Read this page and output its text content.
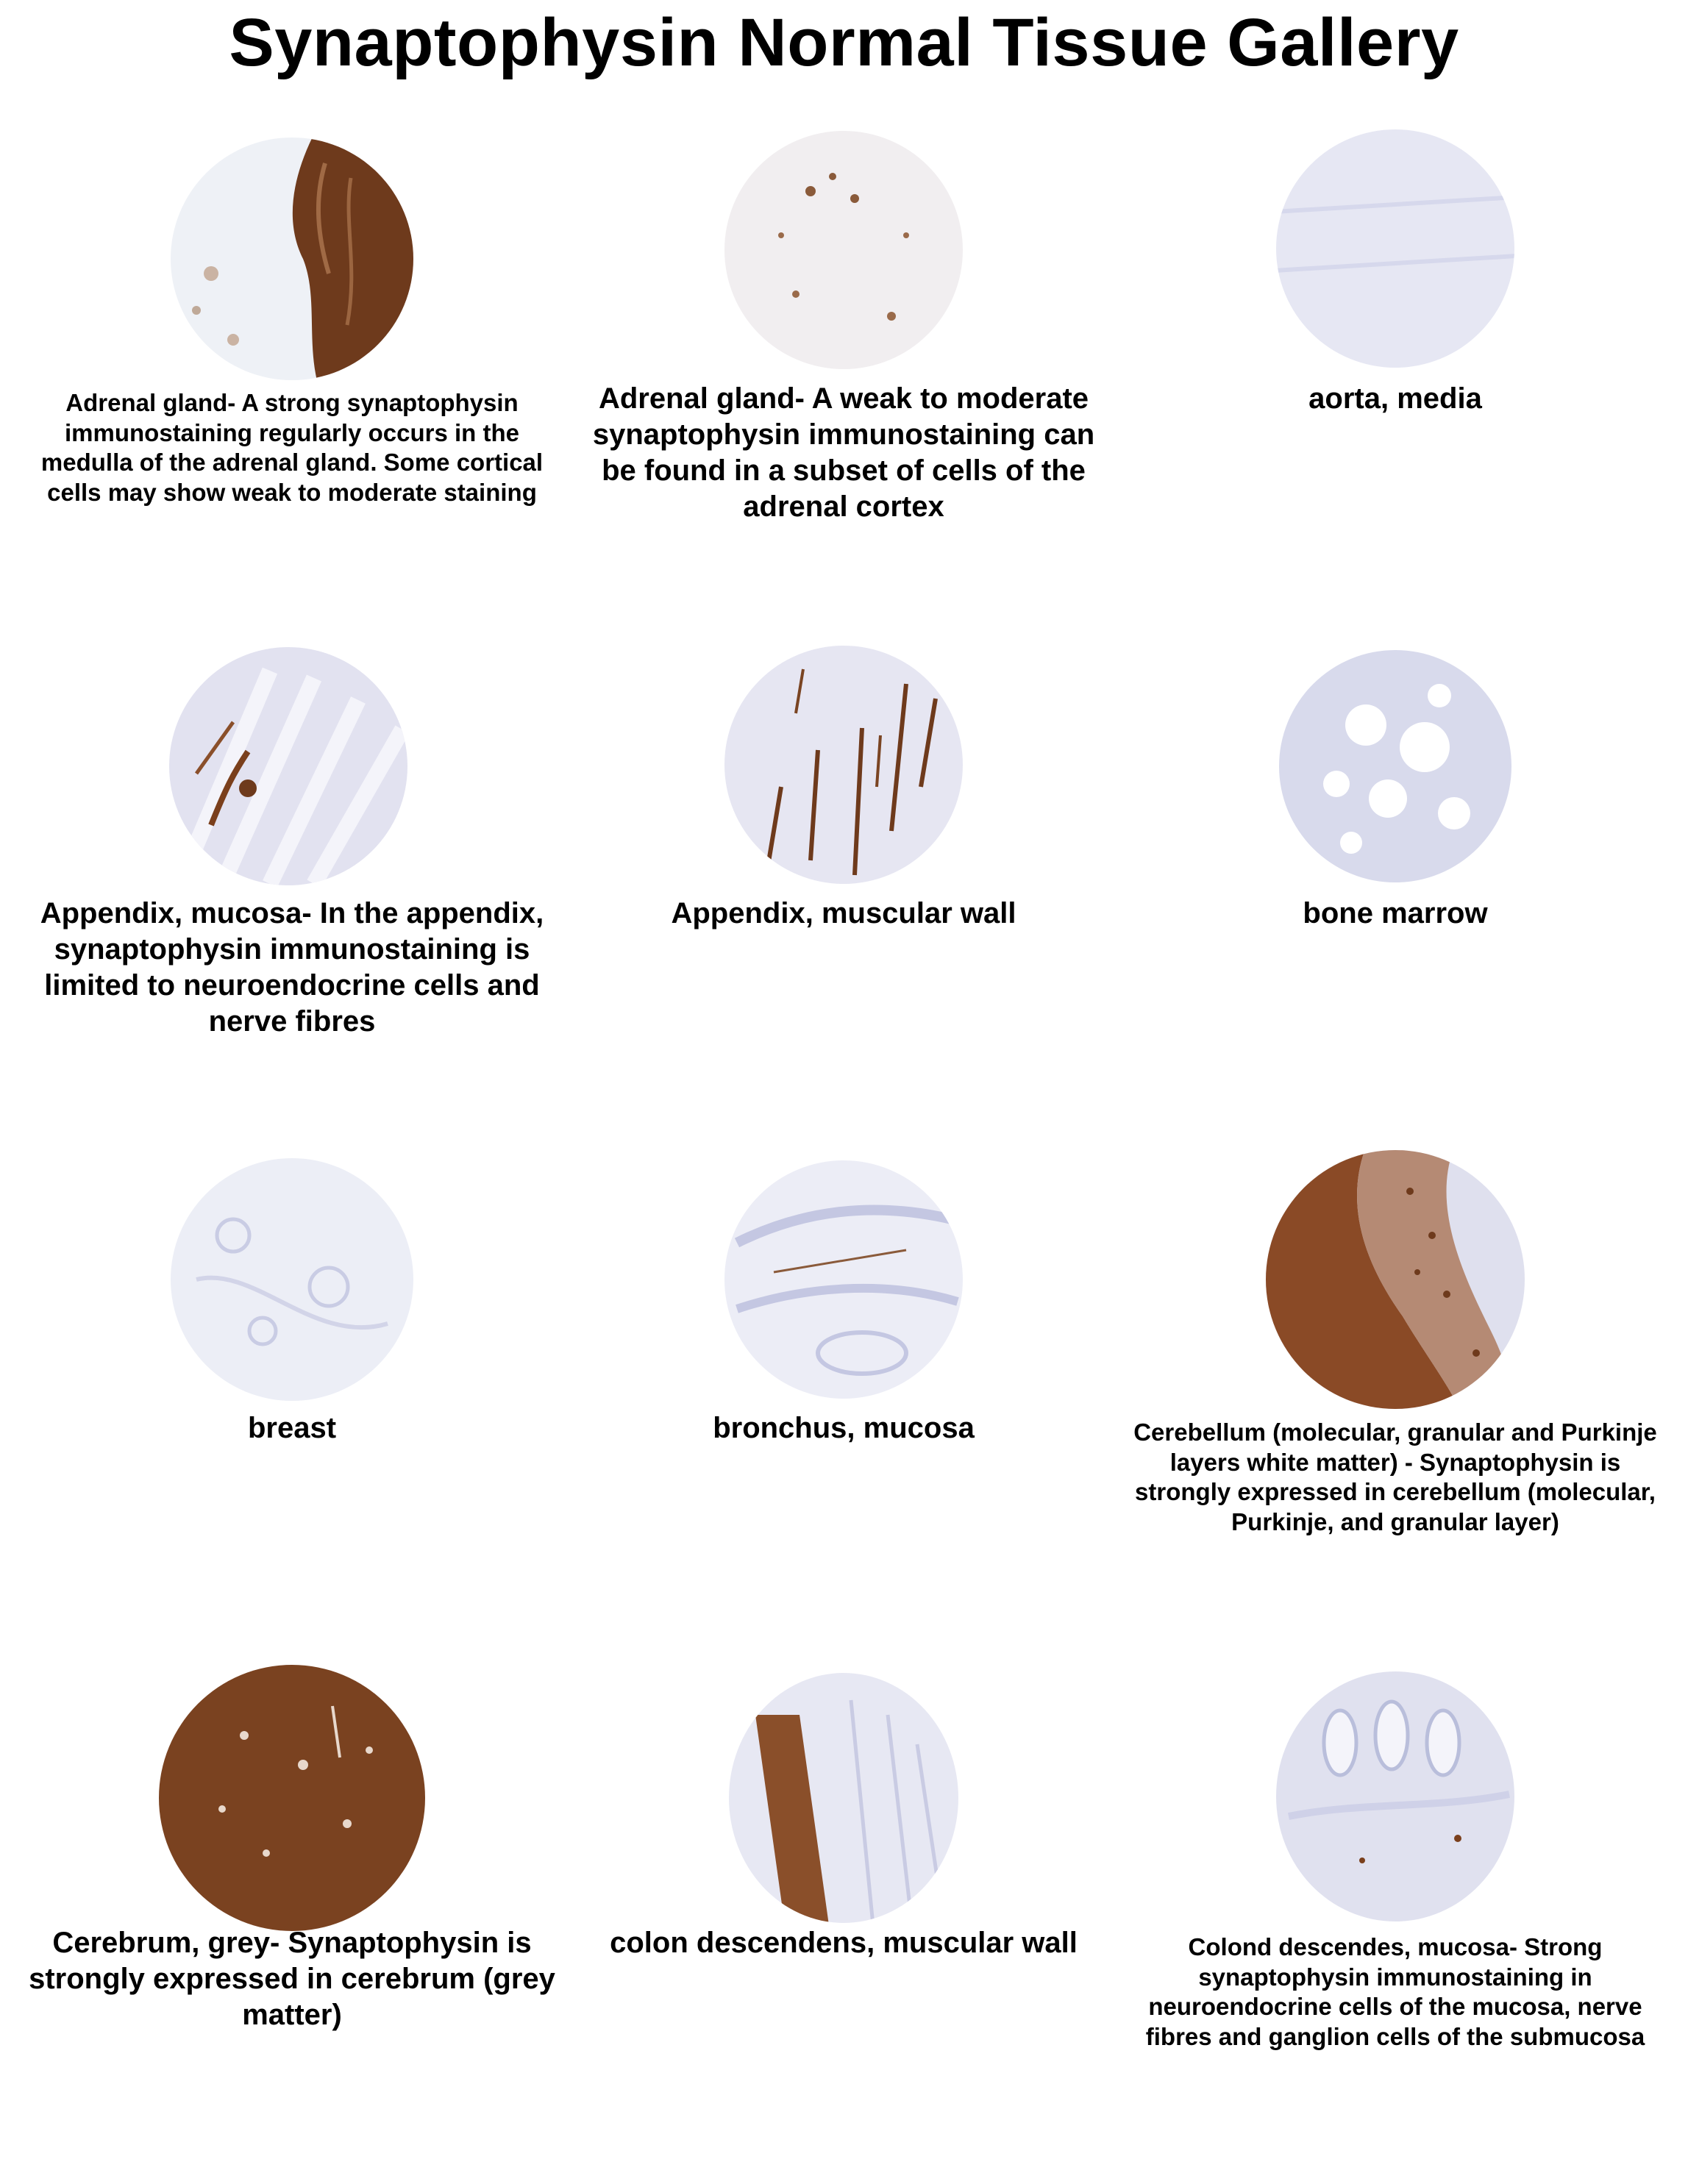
Synaptophysin Normal Tissue Gallery
Adrenal gland- A strong synaptophysin immunostaining regularly occurs in the medulla of the adrenal gland. Some cortical cells may show weak to moderate staining
Adrenal gland- A weak to moderate synaptophysin immunostaining can be found in a subset of cells of the adrenal cortex
aorta, media
Appendix, mucosa- In the appendix, synaptophysin immunostaining is limited to neuroendocrine cells and nerve fibres
Appendix, muscular wall	bone marrow
breast	bronchus, mucosa	Cerebellum (molecular, granular and Purkinje layers white matter) - Synaptophysin is strongly expressed in cerebellum (molecular, Purkinje, and granular layer)
Cerebrum, grey- Synaptophysin is strongly expressed in cerebrum (grey matter)
colon descendens, muscular wall	Colond descendes, mucosa- Strong synaptophysin immunostaining in neuroendocrine cells of the mucosa, nerve fibres and ganglion cells of the submucosa
